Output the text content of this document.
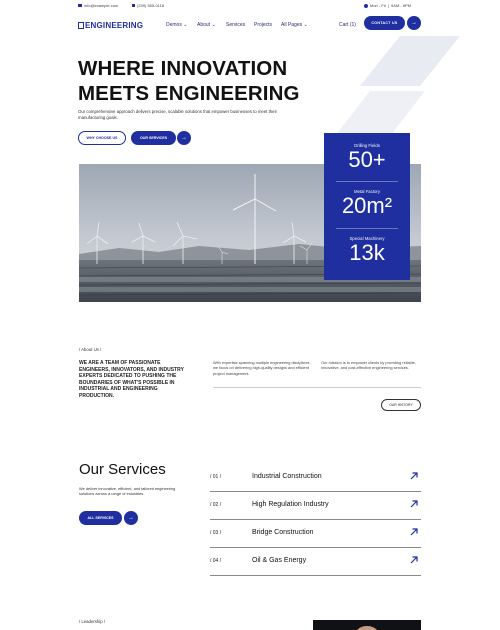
info@example.com	(239) 555-0118	Mon - Fri | 9AM - 6PM
ENGINEERING	Demos ⌄ About ⌄ Services Projects All Pages ⌄	Cart (1)	CONTACT US	→
WHERE INNOVATION
MEETS ENGINEERING
Our comprehensive approach delivers precise, scalable solutions that empower businesses to meet their manufacturing goals.
WHY CHOOSE US	OUR SERVICES	→
Drilling Fields
50+
Metal Factory
20m²
Special Machinery
13k
/ About Us /
WE ARE A TEAM OF PASSIONATE ENGINEERS, INNOVATORS, AND INDUSTRY EXPERTS DEDICATED TO PUSHING THE BOUNDARIES OF WHAT'S POSSIBLE IN INDUSTRIAL AND ENGINEERING PRODUCTION.
With expertise spanning multiple engineering disciplines, we focus on delivering high-quality designs and efficient project management.
Our mission is to empower clients by providing reliable, innovative, and cost-effective engineering services.
OUR HISTORY
Our Services
We deliver innovative, efficient, and tailored engineering solutions across a range of industries.
ALL SERVICES	→
/ 01 /	Industrial Construction
/ 02 /	High Regulation Industry
/ 03 /	Bridge Construction
/ 04 /	Oil & Gas Energy
/ Leadership /
